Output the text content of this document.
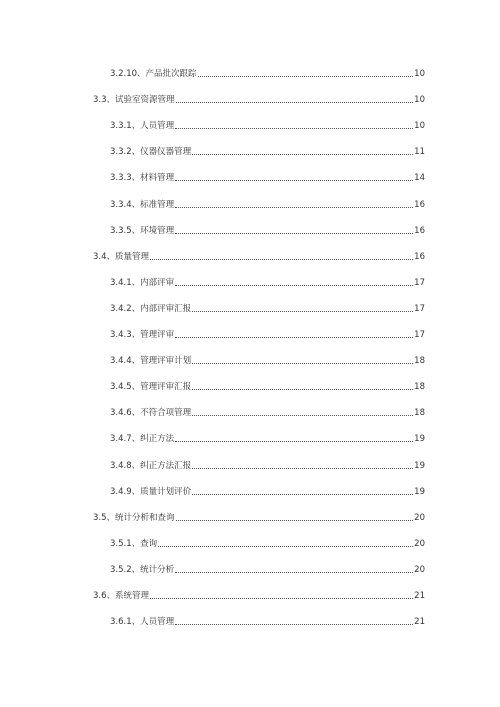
3.2.10、产品批次跟踪	10
3.3、试验室资源管理	10
3.3.1、人员管理	10
3.3.2、仪器仪器管理	11
3.3.3、材料管理	14
3.3.4、标准管理	16
3.3.5、环境管理	16
3.4、质量管理	16
3.4.1、内部评审	17
3.4.2、内部评审汇报	17
3.4.3、管理评审	17
3.4.4、管理评审计划	18
3.4.5、管理评审汇报	18
3.4.6、不符合项管理	18
3.4.7、纠正方法	19
3.4.8、纠正方法汇报	19
3.4.9、质量计划评价	19
3.5、统计分析和查询	20
3.5.1、查询	20
3.5.2、统计分析	20
3.6、系统管理	21
3.6.1、人员管理	21
